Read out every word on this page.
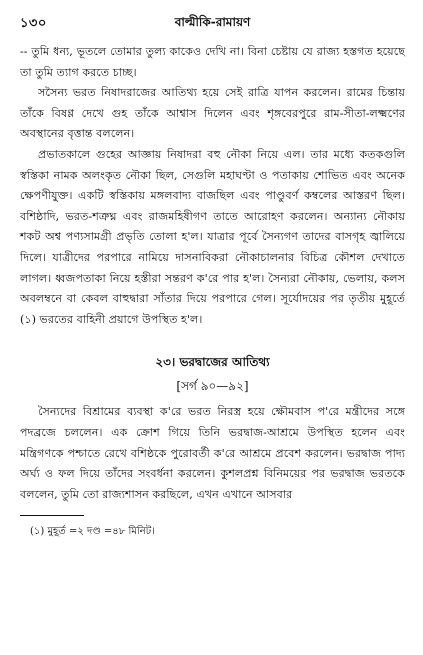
১৩০	বাল্মীকি-রামায়ণ

-- তুমি ধন্য, ভূতলে তোমার তুল্য কাকেও দেখি না। বিনা চেষ্টায় যে রাজ্য হস্তগত হয়েছে তা তুমি ত্যাগ করতে চাচ্ছ।

সসৈন্য ভরত নিষাদরাজের আতিথ্য হয়ে সেই রাত্রি যাপন করলেন। রামের চিন্তায় তাঁকে বিষণ্ণ দেখে গুহ তাঁকে আশ্বাস দিলেন এবং শৃঙ্গবেরপুরে রাম-সীতা-লক্ষ্মণের অবস্থানের বৃত্তান্ত বললেন।

প্রভাতকালে গুহের আজ্ঞায় নিষাদরা বহু নৌকা নিয়ে এল। তার মধ্যে কতকগুলি স্বস্তিকা নামক অলংকৃত নৌকা ছিল, সেগুলি মহাঘণ্টা ও পতাকায় শোভিত এবং অনেক ক্ষেপণীযুক্ত। একটি স্বস্তিকায় মঙ্গলবাদ্য বাজছিল এবং পাণ্ডুবর্ণ কম্বলের আস্তরণ ছিল। বশিষ্ঠাদি, ভরত-শত্রুঘ্ন এবং রাজমহিষীগণ তাতে আরোহণ করলেন। অন্যান্য নৌকায় শকট অশ্ব পণ্যসামগ্রী প্রভৃতি তোলা হ'ল। যাত্রার পূর্বে সৈন্যগণ তাদের বাসগৃহ জ্বালিয়ে দিলে। যাত্রীদের পরপারে নামিয়ে দাসনাবিকরা নৌকাচালনার বিচিত্র কৌশল দেখাতে লাগল। ধ্বজপতাকা নিয়ে হস্তীরা সন্তরণ ক'রে পার হ'ল। সৈন্যরা নৌকায়, ভেলায়, কলস অবলম্বনে বা কেবল বাহুদ্বারা সাঁতার দিয়ে পরপারে গেল। সূর্যোদয়ের পর তৃতীয় মুহূর্তে (১) ভরতের বাহিনী প্রয়াগে উপস্থিত হ'ল।

২৩। ভরদ্বাজের আতিথ্য
[সর্গ ৯০—৯২]

সৈন্যদের বিশ্রামের ব্যবস্থা ক'রে ভরত নিরস্ত্র হয়ে ক্ষৌমবাস প'রে মন্ত্রীদের সঙ্গে পদব্রজে চললেন। এক ক্রোশ গিয়ে তিনি ভরদ্বাজ-আশ্রমে উপস্থিত হলেন এবং মন্ত্রিগণকে পশ্চাতে রেখে বশিষ্ঠকে পুরোবর্তী ক'রে আশ্রমে প্রবেশ করলেন। ভরদ্বাজ পাদ্য অর্ঘ্য ও ফল দিয়ে তাঁদের সংবর্ধনা করলেন। কুশলপ্রশ্ন বিনিময়ের পর ভরদ্বাজ ভরতকে বললেন, তুমি তো রাজ্যশাসন করছিলে, এখন এখানে আসবার

(১) মুহূর্ত =২ দণ্ড =৪৮ মিনিট।
